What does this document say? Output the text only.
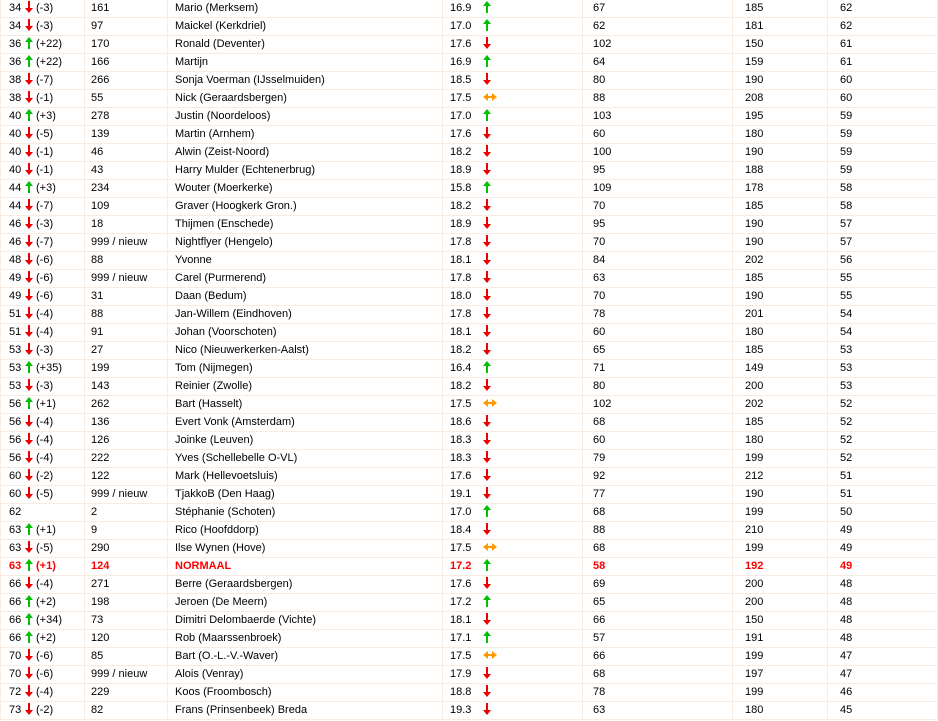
34 (-3)	161	Mario (Merksem)	16.9	67	185	62
34 (-3)	97	Maickel (Kerkdriel)	17.0	62	181	62
36 (+22)	170	Ronald (Deventer)	17.6	102	150	61
36 (+22)	166	Martijn	16.9	64	159	61
38 (-7)	266	Sonja Voerman (IJsselmuiden)	18.5	80	190	60
38 (-1)	55	Nick (Geraardsbergen)	17.5	88	208	60
40 (+3)	278	Justin (Noordeloos)	17.0	103	195	59
40 (-5)	139	Martin (Arnhem)	17.6	60	180	59
40 (-1)	46	Alwin (Zeist-Noord)	18.2	100	190	59
40 (-1)	43	Harry Mulder (Echtenerbrug)	18.9	95	188	59
44 (+3)	234	Wouter (Moerkerke)	15.8	109	178	58
44 (-7)	109	Graver (Hoogkerk Gron.)	18.2	70	185	58
46 (-3)	18	Thijmen (Enschede)	18.9	95	190	57
46 (-7)	999 / nieuw	Nightflyer (Hengelo)	17.8	70	190	57
48 (-6)	88	Yvonne	18.1	84	202	56
49 (-6)	999 / nieuw	Carel (Purmerend)	17.8	63	185	55
49 (-6)	31	Daan (Bedum)	18.0	70	190	55
51 (-4)	88	Jan-Willem (Eindhoven)	17.8	78	201	54
51 (-4)	91	Johan (Voorschoten)	18.1	60	180	54
53 (-3)	27	Nico (Nieuwerkerken-Aalst)	18.2	65	185	53
53 (+35)	199	Tom (Nijmegen)	16.4	71	149	53
53 (-3)	143	Reinier (Zwolle)	18.2	80	200	53
56 (+1)	262	Bart (Hasselt)	17.5	102	202	52
56 (-4)	136	Evert Vonk (Amsterdam)	18.6	68	185	52
56 (-4)	126	Joinke (Leuven)	18.3	60	180	52
56 (-4)	222	Yves (Schellebelle O-VL)	18.3	79	199	52
60 (-2)	122	Mark (Hellevoetsluis)	17.6	92	212	51
60 (-5)	999 / nieuw	TjakkoB (Den Haag)	19.1	77	190	51
62	2	Stéphanie (Schoten)	17.0	68	199	50
63 (+1)	9	Rico (Hoofddorp)	18.4	88	210	49
63 (-5)	290	Ilse Wynen (Hove)	17.5	68	199	49
63 (+1)	124	NORMAAL	17.2	58	192	49
66 (-4)	271	Berre (Geraardsbergen)	17.6	69	200	48
66 (+2)	198	Jeroen (De Meern)	17.2	65	200	48
66 (+34)	73	Dimitri Delombaerde (Vichte)	18.1	66	150	48
66 (+2)	120	Rob (Maarssenbroek)	17.1	57	191	48
70 (-6)	85	Bart (O.-L.-V.-Waver)	17.5	66	199	47
70 (-6)	999 / nieuw	Alois (Venray)	17.9	68	197	47
72 (-4)	229	Koos (Froombosch)	18.8	78	199	46
73 (-2)	82	Frans (Prinsenbeek) Breda	19.3	63	180	45
